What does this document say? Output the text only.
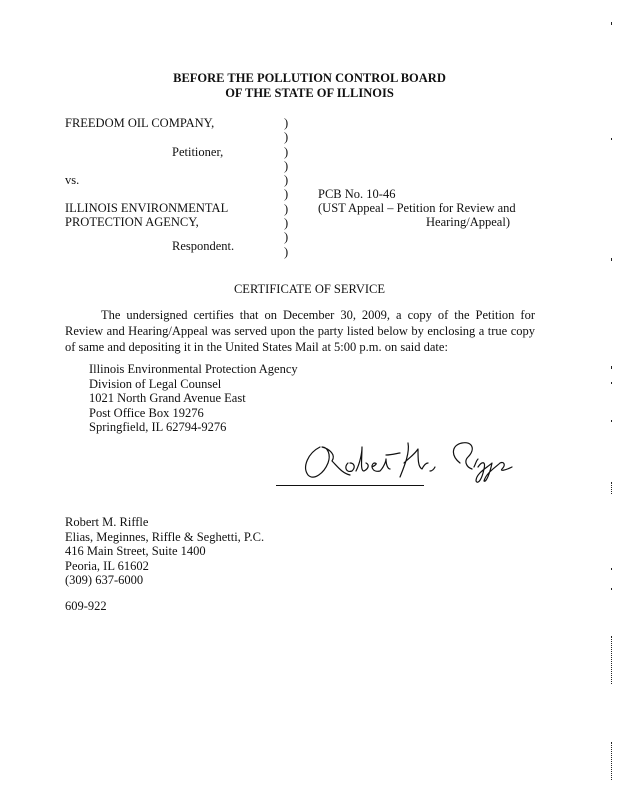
BEFORE THE POLLUTION CONTROL BOARD
OF THE STATE OF ILLINOIS
FREEDOM OIL COMPANY,
Petitioner,
vs.
ILLINOIS ENVIRONMENTAL
PROTECTION AGENCY,
Respondent.
)
)
)
)
)
)
)
)
)
)
PCB No. 10-46
(UST Appeal – Petition for Review and
Hearing/Appeal)
CERTIFICATE OF SERVICE
The undersigned certifies that on December 30, 2009, a copy of the Petition for Review and Hearing/Appeal was served upon the party listed below by enclosing a true copy of same and depositing it in the United States Mail at 5:00 p.m. on said date:
Illinois Environmental Protection Agency
Division of Legal Counsel
1021 North Grand Avenue East
Post Office Box 19276
Springfield, IL 62794-9276
Robert M. Riffle
Elias, Meginnes, Riffle & Seghetti, P.C.
416 Main Street, Suite 1400
Peoria, IL 61602
(309) 637-6000
609-922
